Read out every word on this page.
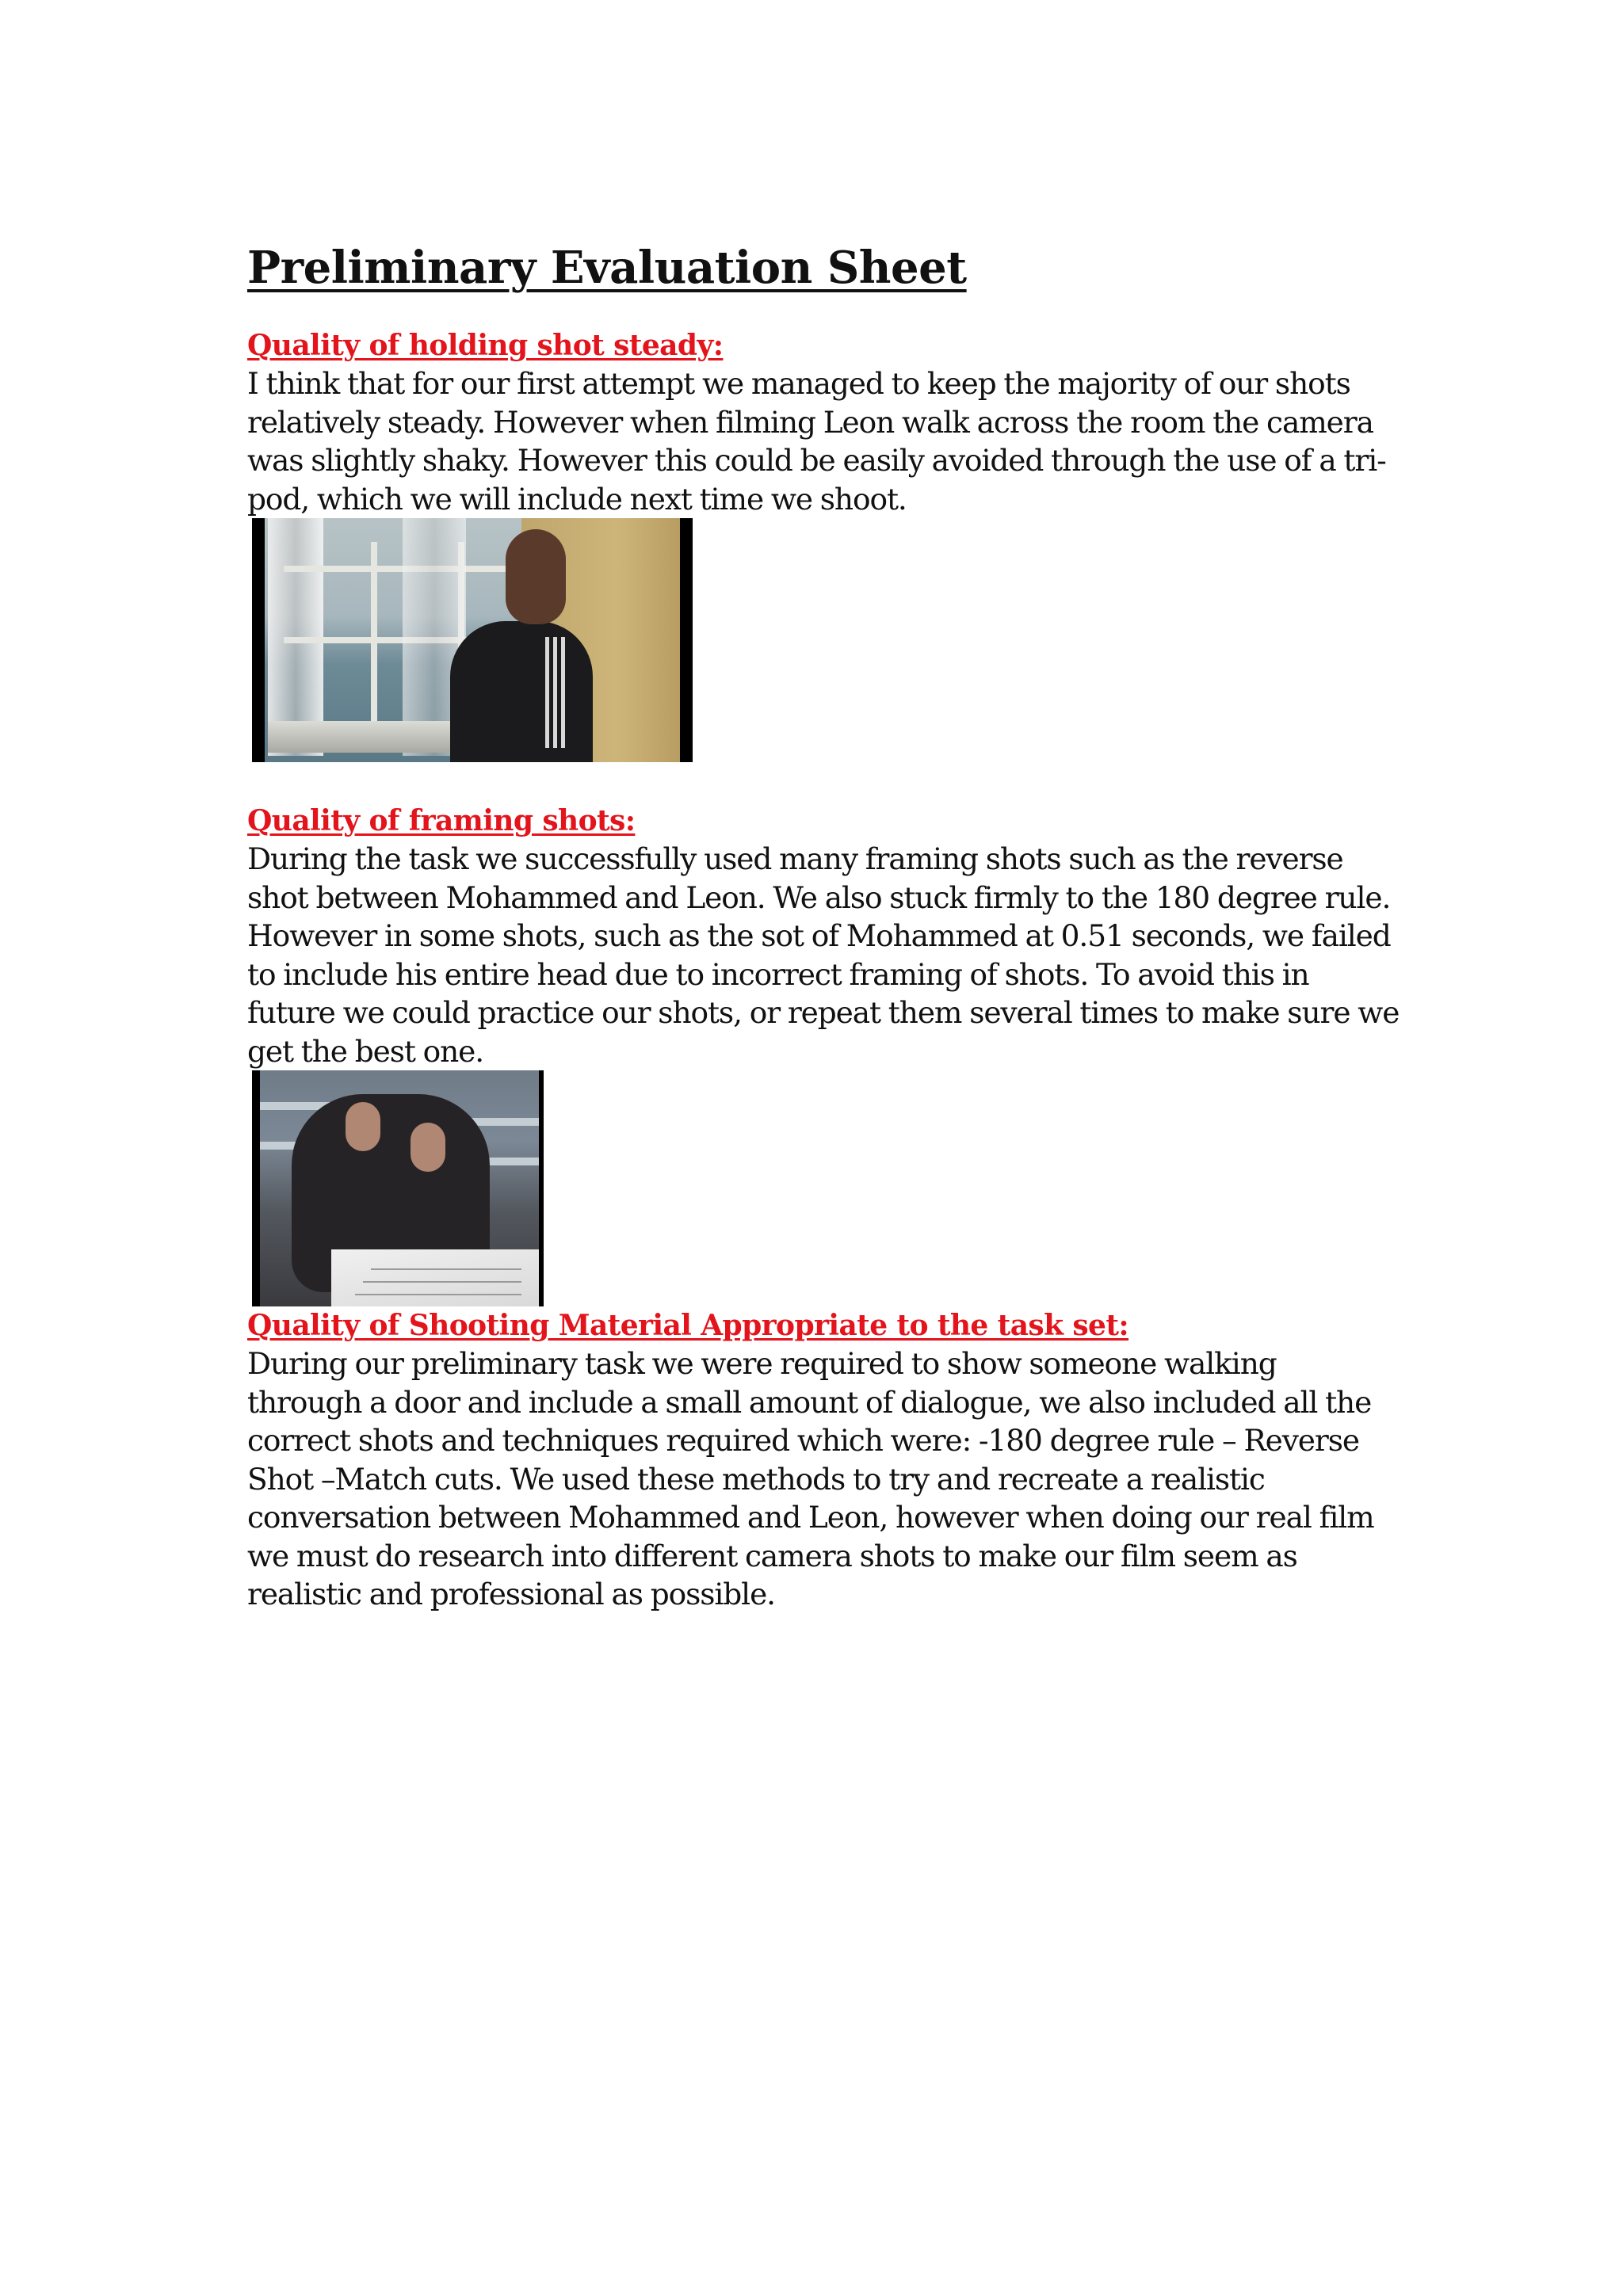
Preliminary Evaluation Sheet
Quality of holding shot steady:

I think that for our first attempt we managed to keep the majority of our shots
relatively steady. However when filming Leon walk across the room the camera
was slightly shaky. However this could be easily avoided through the use of a tri-
pod, which we will include next time we shoot.

Quality of framing shots:

During the task we successfully used many framing shots such as the reverse
shot between Mohammed and Leon. We also stuck firmly to the 180 degree rule.
However in some shots, such as the sot of Mohammed at 0.51 seconds, we failed
to include his entire head due to incorrect framing of shots. To avoid this in
future we could practice our shots, or repeat them several times to make sure we
get the best one.

Quality of Shooting Material Appropriate to the task set:

During our preliminary task we were required to show someone walking
through a door and include a small amount of dialogue, we also included all the
correct shots and techniques required which were: -180 degree rule – Reverse
Shot –Match cuts. We used these methods to try and recreate a realistic
conversation between Mohammed and Leon, however when doing our real film
we must do research into different camera shots to make our film seem as
realistic and professional as possible.
